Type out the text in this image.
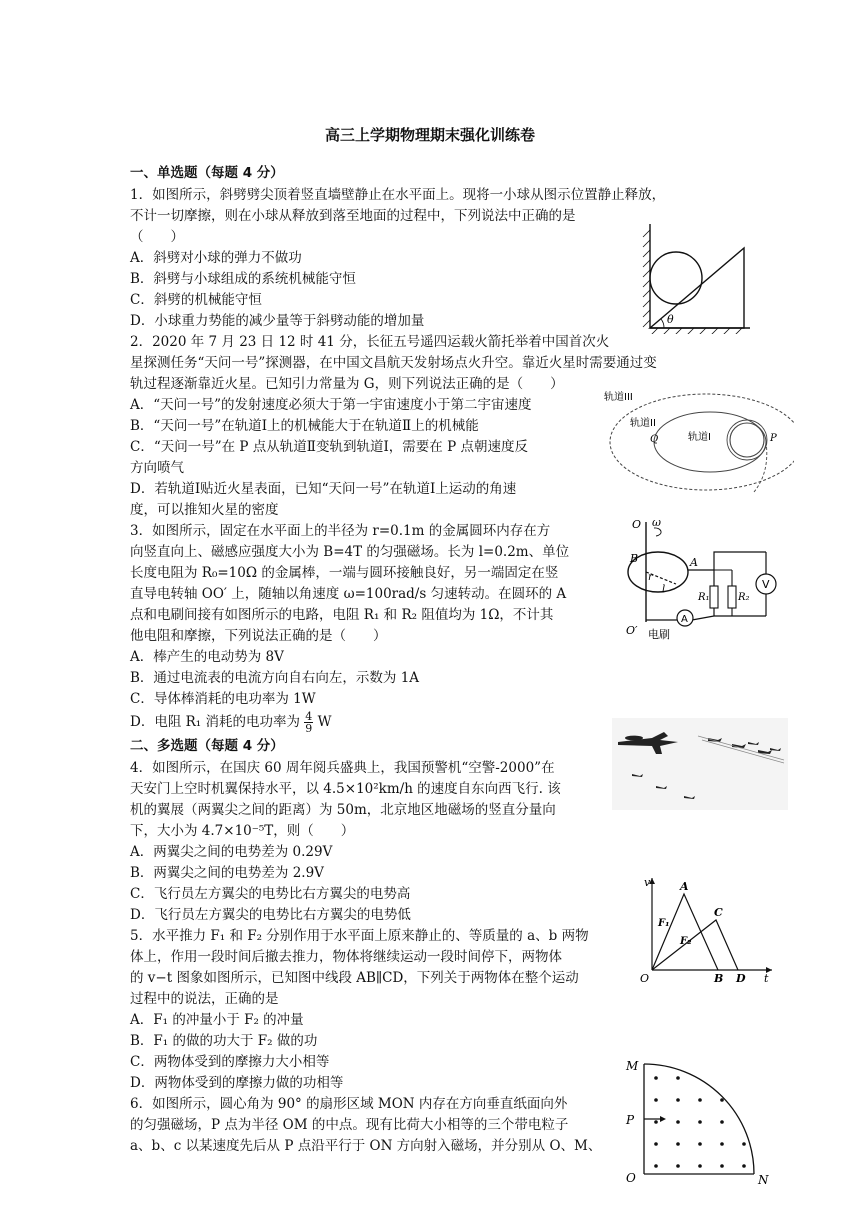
高三上学期物理期末强化训练卷
一、单选题（每题 4 分）
1．如图所示，斜劈劈尖顶着竖直墙壁静止在水平面上。现将一小球从图示位置静止释放，
不计一切摩擦，则在小球从释放到落至地面的过程中，下列说法中正确的是
（　　）
A．斜劈对小球的弹力不做功
B．斜劈与小球组成的系统机械能守恒
C．斜劈的机械能守恒
D．小球重力势能的减少量等于斜劈动能的增加量	θ
2．2020 年 7 月 23 日 12 时 41 分，长征五号遥四运载火箭托举着中国首次火
星探测任务“天问一号”探测器，在中国文昌航天发射场点火升空。靠近火星时需要通过变
轨过程逐渐靠近火星。已知引力常量为 G，则下列说法正确的是（　　）
A．“天问一号”的发射速度必须大于第一宇宙速度小于第二宇宙速度
B．“天问一号”在轨道Ⅰ上的机械能大于在轨道Ⅱ上的机械能
C．“天问一号”在 P 点从轨道Ⅱ变轨到轨道Ⅰ，需要在 P 点朝速度反
方向喷气
D．若轨道Ⅰ贴近火星表面，已知“天问一号”在轨道Ⅰ上运动的角速
度，可以推知火星的密度
轨道III
轨道II
轨道I
Q	P
3．如图所示，固定在水平面上的半径为 r=0.1m 的金属圆环内存在方
向竖直向上、磁感应强度大小为 B=4T 的匀强磁场。长为 l=0.2m、单位
长度电阻为 R₀=10Ω 的金属棒，一端与圆环接触良好，另一端固定在竖
直导电转轴 OO′ 上，随轴以角速度 ω=100rad/s 匀速转动。在圆环的 A
点和电刷间接有如图所示的电路，电阻 R₁ 和 R₂ 阻值均为 1Ω，不计其
他电阻和摩擦，下列说法正确的是（　　）
A．棒产生的电动势为 8V
B．通过电流表的电流方向自右向左，示数为 1A
C．导体棒消耗的电功率为 1W
D．电阻 R₁ 消耗的电功率为 $\frac{4}{9}$ W
O ω
B	A
r
l
R₁	R₂
V
A
O′ 电刷
二、多选题（每题 4 分）
4．如图所示，在国庆 60 周年阅兵盛典上，我国预警机“空警-2000”在
天安门上空时机翼保持水平，以 4.5×10²km/h 的速度自东向西飞行. 该
机的翼展（两翼尖之间的距离）为 50m，北京地区地磁场的竖直分量向
下，大小为 4.7×10⁻⁵T，则（　　）
A．两翼尖之间的电势差为 0.29V
B．两翼尖之间的电势差为 2.9V
C．飞行员左方翼尖的电势比右方翼尖的电势高
D．飞行员左方翼尖的电势比右方翼尖的电势低
5．水平推力 F₁ 和 F₂ 分别作用于水平面上原来静止的、等质量的 a、b 两物
体上，作用一段时间后撤去推力，物体将继续运动一段时间停下，两物体
的 v−t 图象如图所示，已知图中线段 AB∥CD，下列关于两物体在整个运动
过程中的说法，正确的是
A．F₁ 的冲量小于 F₂ 的冲量
B．F₁ 的做的功大于 F₂ 做的功
C．两物体受到的摩擦力大小相等
D．两物体受到的摩擦力做的功相等
v
t
O
A
B
C
D
F₁
F₂
6．如图所示，圆心角为 90° 的扇形区域 MON 内存在方向垂直纸面向外
的匀强磁场，P 点为半径 OM 的中点。现有比荷大小相等的三个带电粒子
a、b、c 以某速度先后从 P 点沿平行于 ON 方向射入磁场，并分别从 O、M、
M
P
O	N
